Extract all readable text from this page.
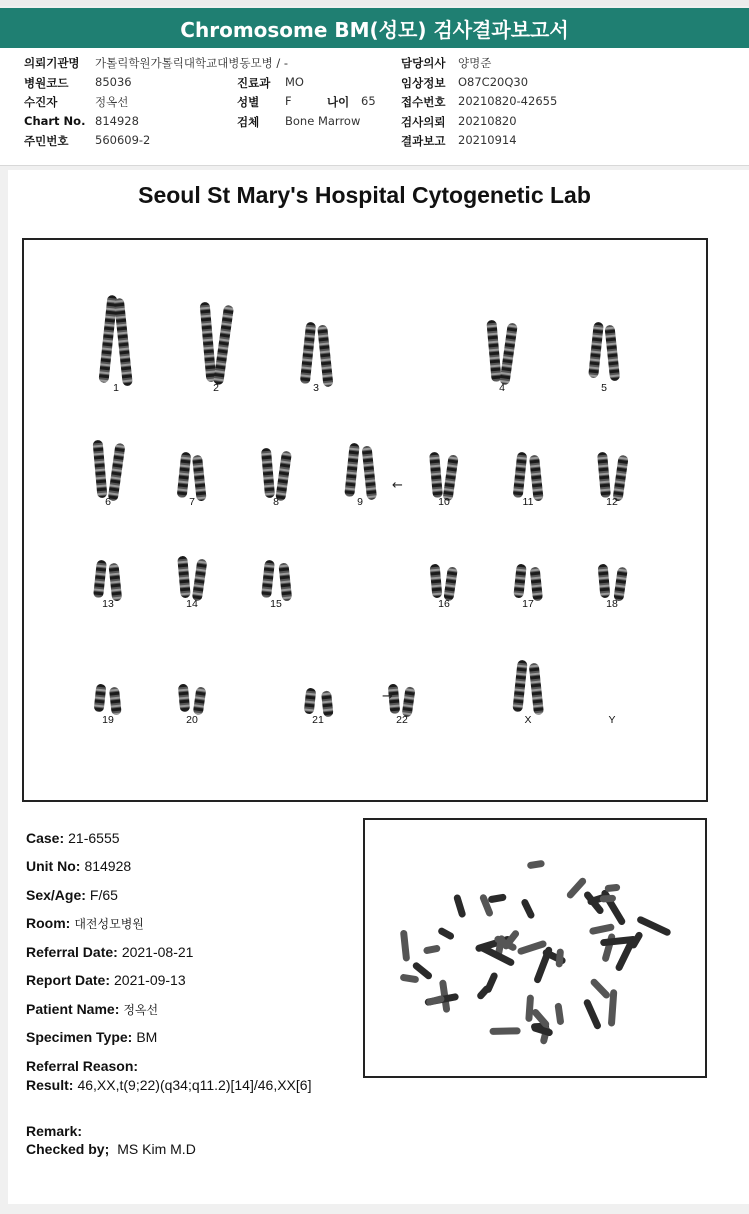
Chromosome BM(성모) 검사결과보고서
의뢰기관명 가톨릭학원가톨릭대학교대병동모병 / -	담당의사 양명준
병원코드 85036	진료과 MO	임상정보 O87C20Q30
수진자	정옥선	성별 F	나이 65 접수번호 20210820-42655
Chart No. 814928	검체 Bone Marrow	검사의뢰 20210820
주민번호 560609-2	결과보고 20210914
Seoul St Mary's Hospital Cytogenetic Lab
1	2	3	4	5
6	7	8	9	10	11	12
13	14	15	16	17	18
19	20	21	22	X	Y
←
→
Case: 21-6555
Unit No: 814928
Sex/Age: F/65
Room: 대전성모병원
Referral Date: 2021-08-21
Report Date: 2021-09-13
Patient Name: 정옥선
Specimen Type: BM
Referral Reason:
Result: 46,XX,t(9;22)(q34;q11.2)[14]/46,XX[6]
Remark:
Checked by; MS Kim M.D
